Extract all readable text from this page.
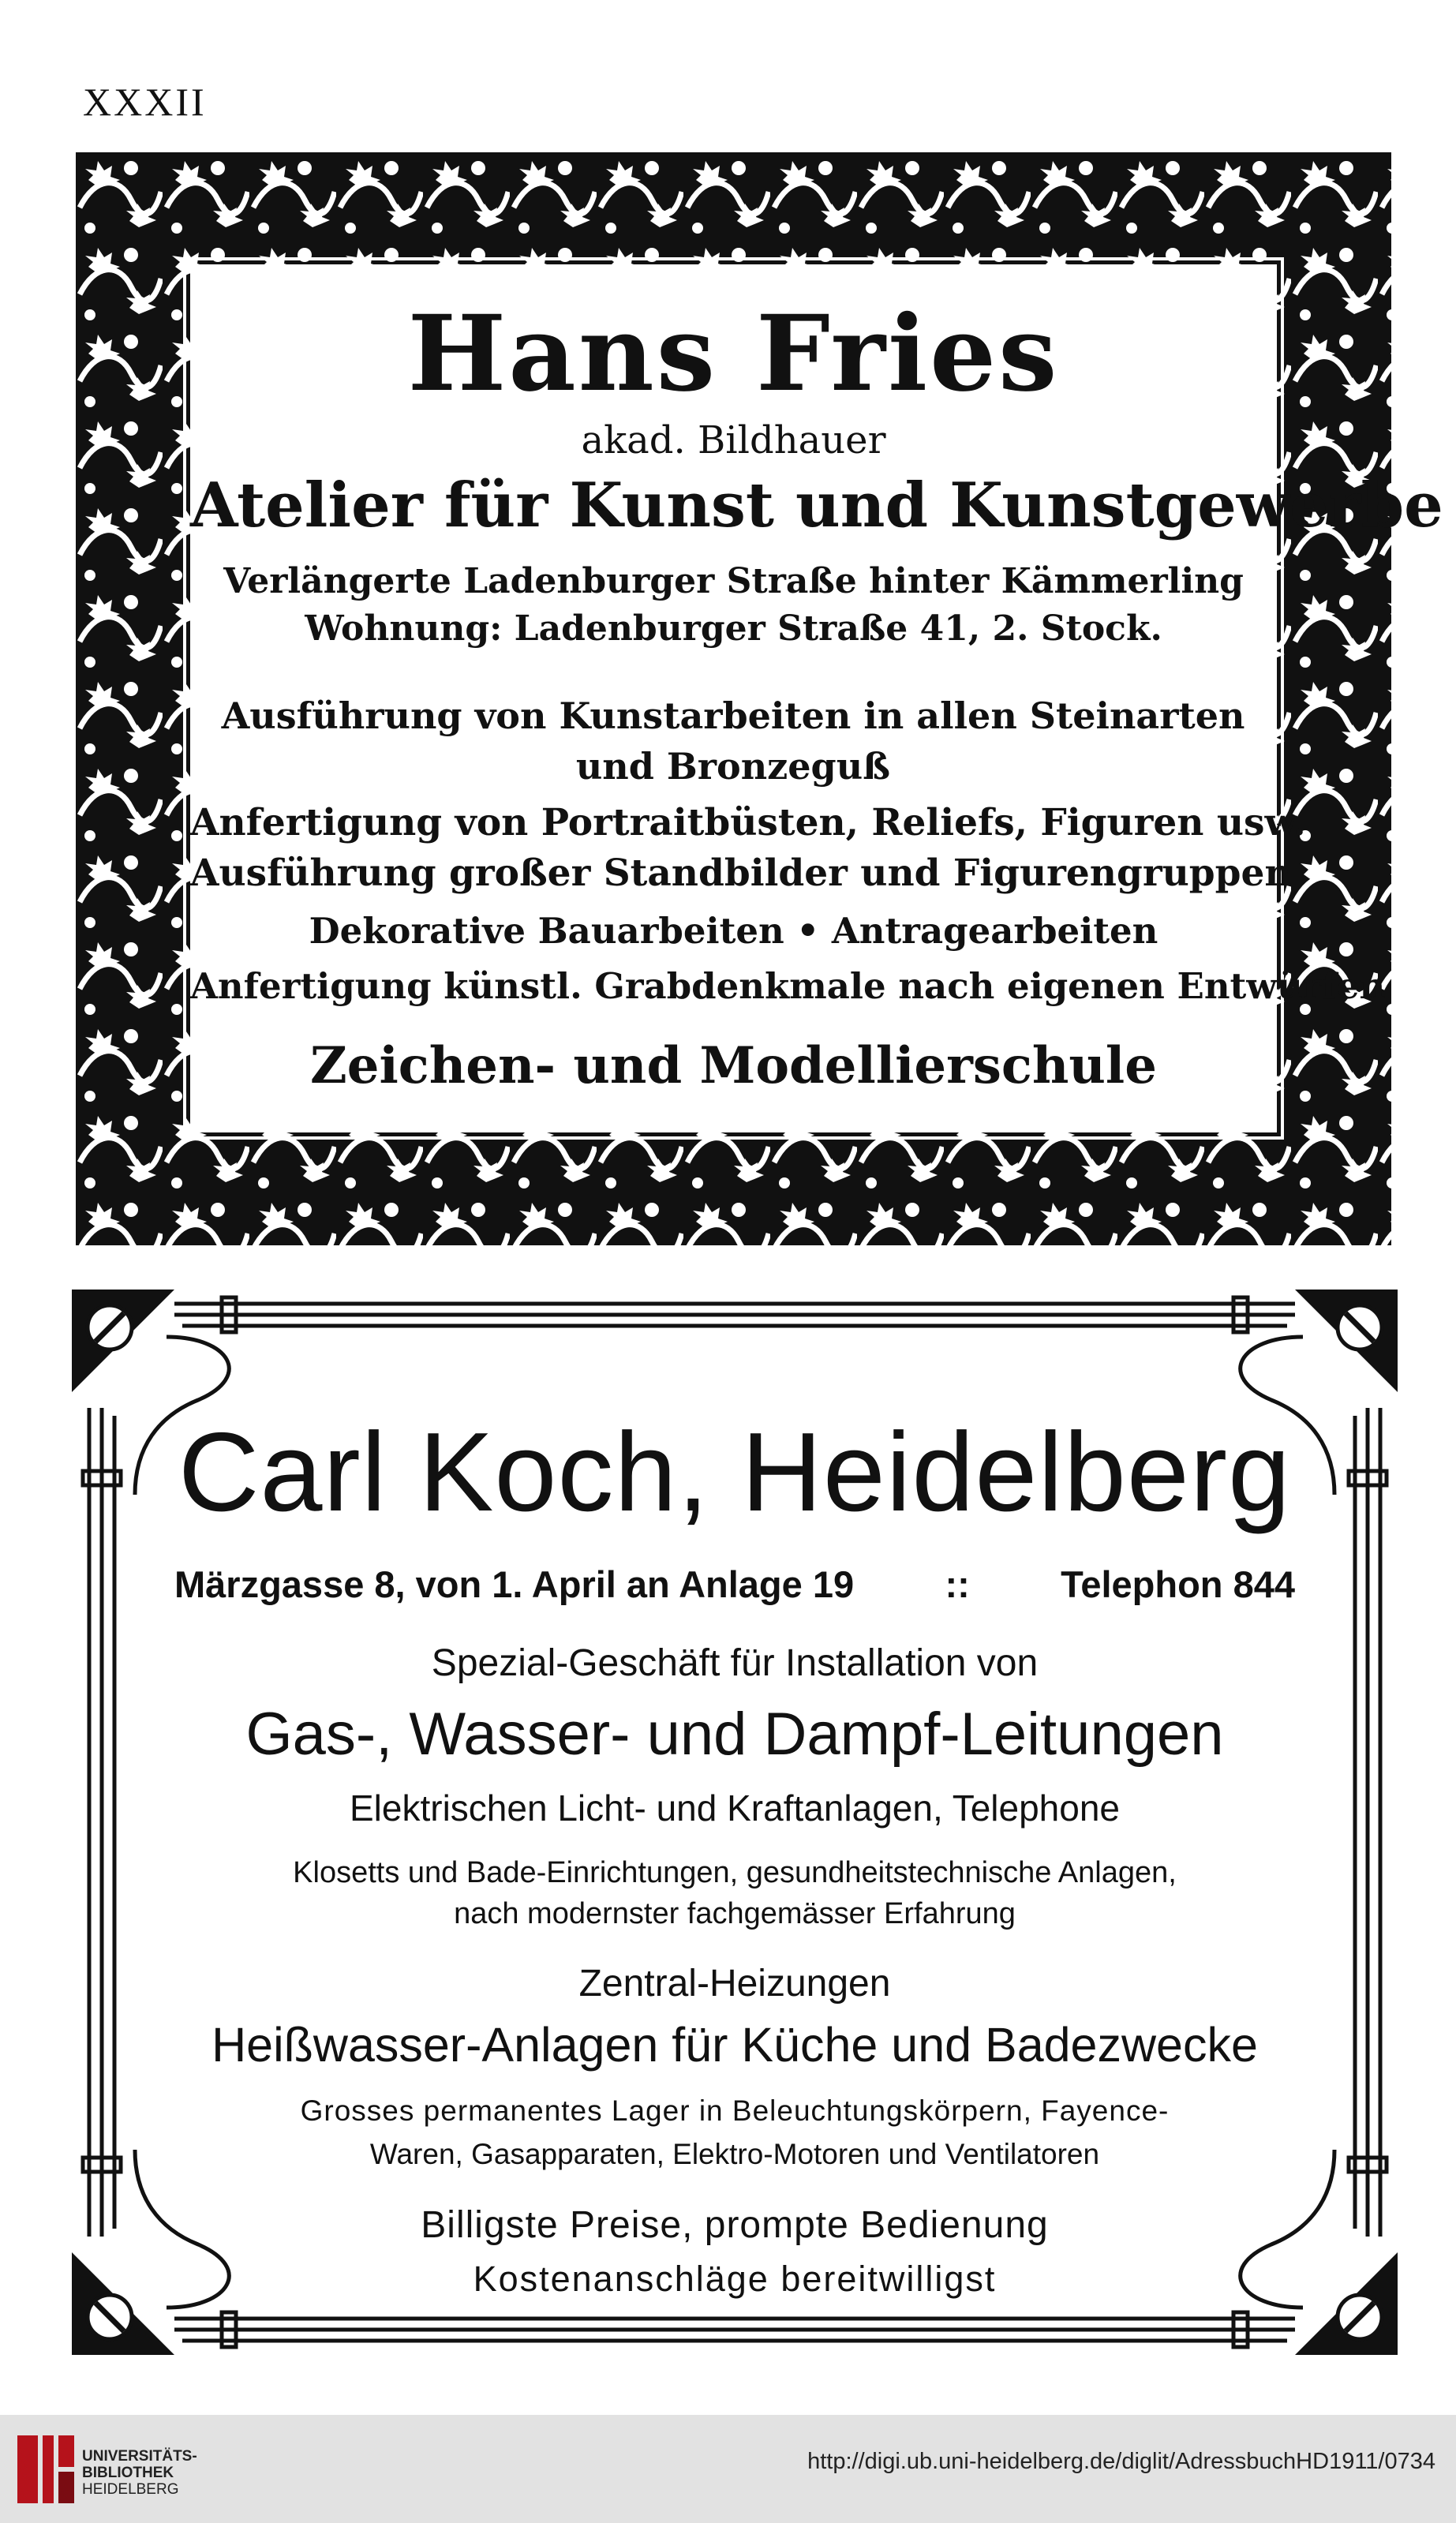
XXXII
Hans Fries
akad. Bildhauer
Atelier für Kunst und Kunstgewerbe
Verlängerte Ladenburger Straße hinter Kämmerling
Wohnung: Ladenburger Straße 41, 2. Stock.
Ausführung von Kunstarbeiten in allen Steinarten und Bronzeguß
Anfertigung von Portraitbüsten, Reliefs, Figuren usw.
Ausführung großer Standbilder und Figurengruppen
Dekorative Bauarbeiten • Antragearbeiten
Anfertigung künstl. Grabdenkmale nach eigenen Entwürfen
Zeichen- und Modellierschule
Carl Koch, Heidelberg
Märzgasse 8, von 1. April an Anlage 19 :: Telephon 844
Spezial-Geschäft für Installation von
Gas-, Wasser- und Dampf-Leitungen
Elektrischen Licht- und Kraftanlagen, Telephone
Klosetts und Bade-Einrichtungen, gesundheitstechnische Anlagen,
nach modernster fachgemässer Erfahrung
Zentral-Heizungen
Heißwasser-Anlagen für Küche und Badezwecke
Grosses permanentes Lager in Beleuchtungskörpern, Fayence-
Waren, Gasapparaten, Elektro-Motoren und Ventilatoren
Billigste Preise, prompte Bedienung
Kostenanschläge bereitwilligst
UNIVERSITÄTS-
BIBLIOTHEK
HEIDELBERG
http://digi.ub.uni-heidelberg.de/diglit/AdressbuchHD1911/0734
